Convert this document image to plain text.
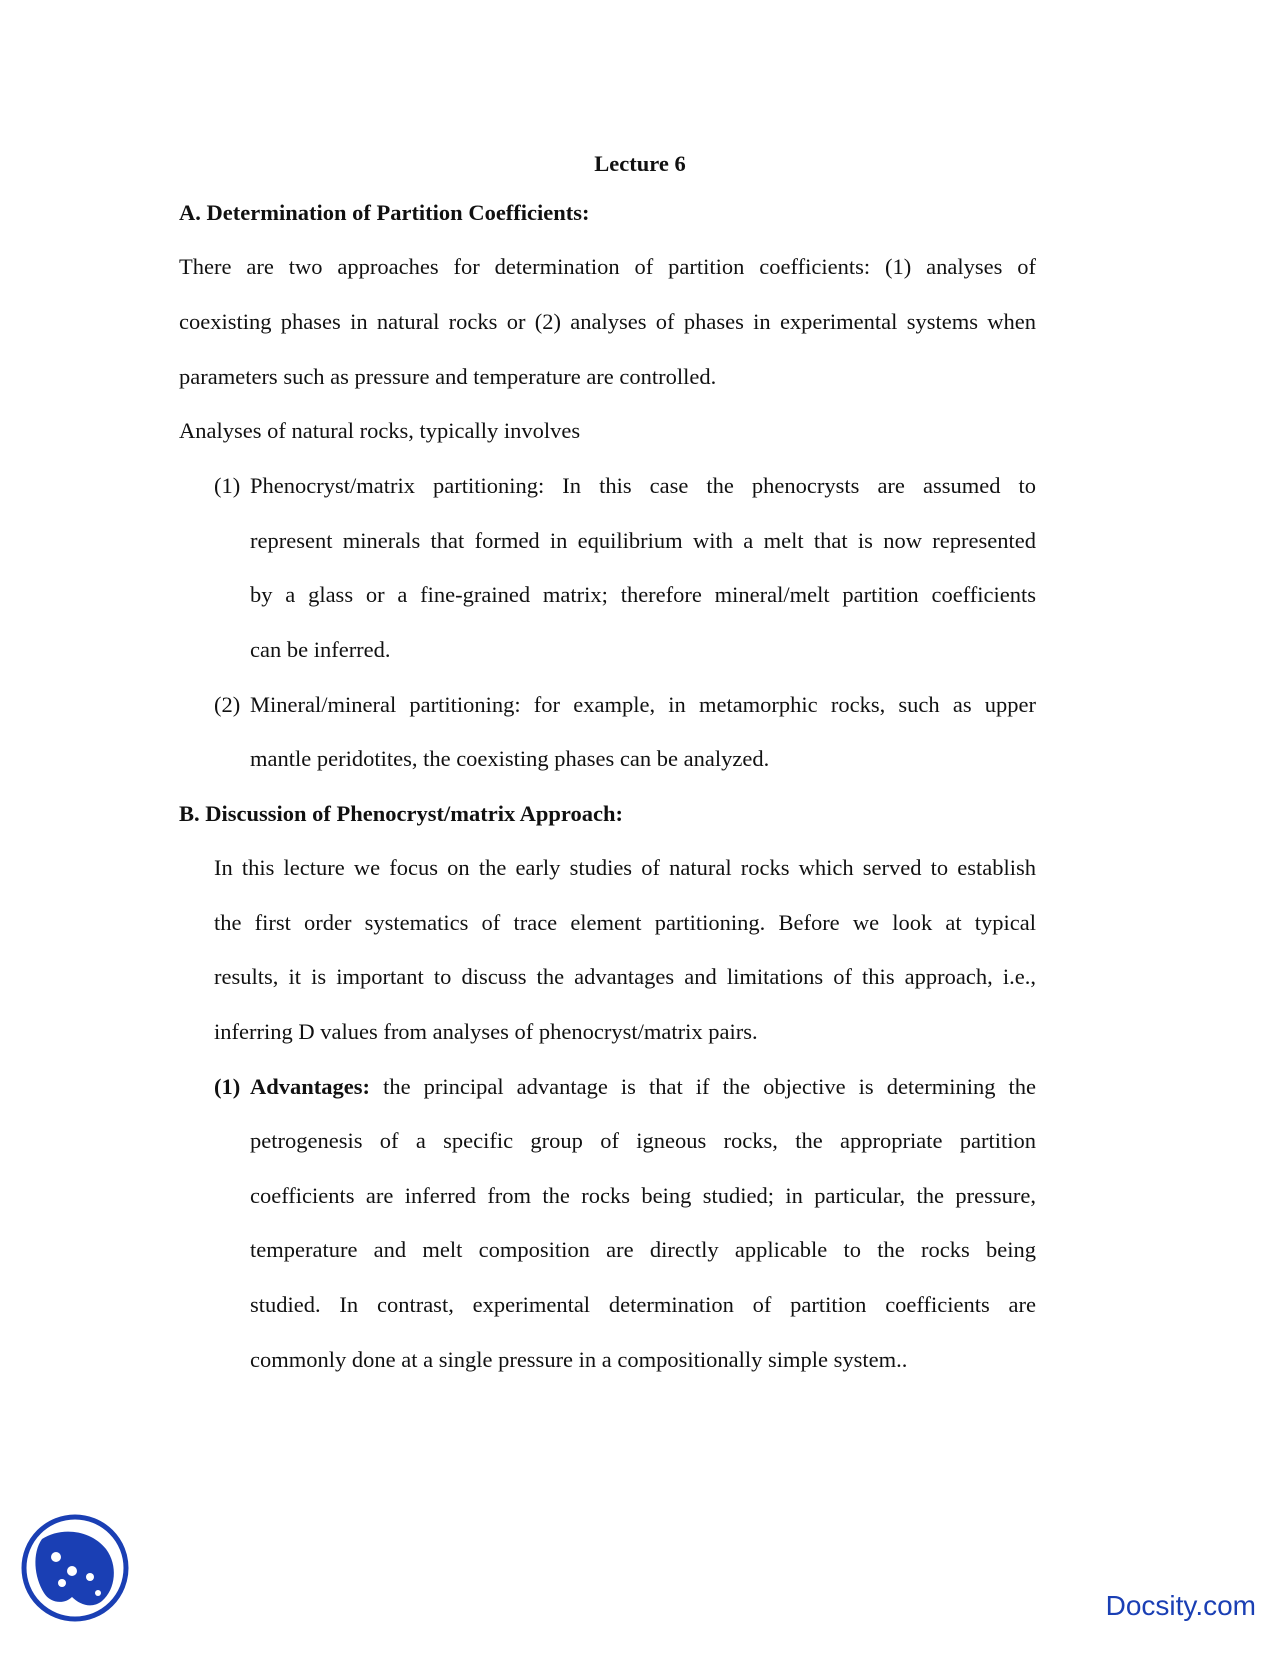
Lecture 6
A. Determination of Partition Coefficients:
There are two approaches for determination of partition coefficients: (1) analyses of
coexisting phases in natural rocks or (2) analyses of phases in experimental systems when
parameters such as pressure and temperature are controlled.
Analyses of natural rocks, typically involves
(1) Phenocryst/matrix partitioning: In this case the phenocrysts are assumed to
represent minerals that formed in equilibrium with a melt that is now represented
by a glass or a fine-grained matrix; therefore mineral/melt partition coefficients
can be inferred.
(2) Mineral/mineral partitioning: for example, in metamorphic rocks, such as upper
mantle peridotites, the coexisting phases can be analyzed.
B. Discussion of Phenocryst/matrix Approach:
In this lecture we focus on the early studies of natural rocks which served to establish
the first order systematics of trace element partitioning. Before we look at typical
results, it is important to discuss the advantages and limitations of this approach, i.e.,
inferring D values from analyses of phenocryst/matrix pairs.
(1) Advantages: the principal advantage is that if the objective is determining the
petrogenesis of a specific group of igneous rocks, the appropriate partition
coefficients are inferred from the rocks being studied; in particular, the pressure,
temperature and melt composition are directly applicable to the rocks being
studied. In contrast, experimental determination of partition coefficients are
commonly done at a single pressure in a compositionally simple system..
Docsity.com
